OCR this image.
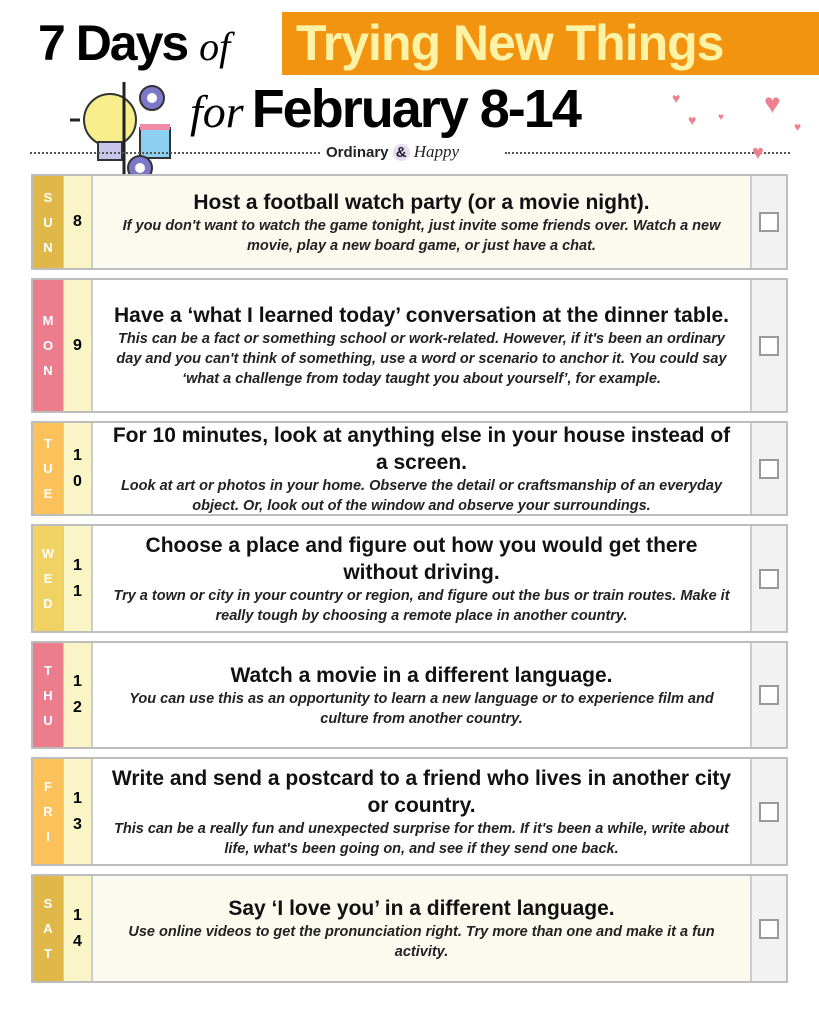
7 Days of Trying New Things
for February 8-14
Ordinary & Happy
♥	♥
♥ ♥
♥
♥
S
U
N
8
Host a football watch party (or a movie night).
If you don't want to watch the game tonight, just invite some friends over. Watch a new movie, play a new board game, or just have a chat.
M
O
N
9
Have a ‘what I learned today’ conversation at the dinner table.
This can be a fact or something school or work-related. However, if it's been an ordinary day and you can't think of something, use a word or scenario to anchor it. You could say ‘what a challenge from today taught you about yourself’, for example.
T
U
E
10
For 10 minutes, look at anything else in your house instead of a screen.
Look at art or photos in your home. Observe the detail or craftsmanship of an everyday object. Or, look out of the window and observe your surroundings.
W
E
D
11
Choose a place and figure out how you would get there without driving.
Try a town or city in your country or region, and figure out the bus or train routes. Make it really tough by choosing a remote place in another country.
T
H
U
12
Watch a movie in a different language.
You can use this as an opportunity to learn a new language or to experience film and culture from another country.
F
R
I
13
Write and send a postcard to a friend who lives in another city or country.
This can be a really fun and unexpected surprise for them. If it's been a while, write about life, what's been going on, and see if they send one back.
S
A
T
14
Say ‘I love you’ in a different language.
Use online videos to get the pronunciation right. Try more than one and make it a fun activity.
